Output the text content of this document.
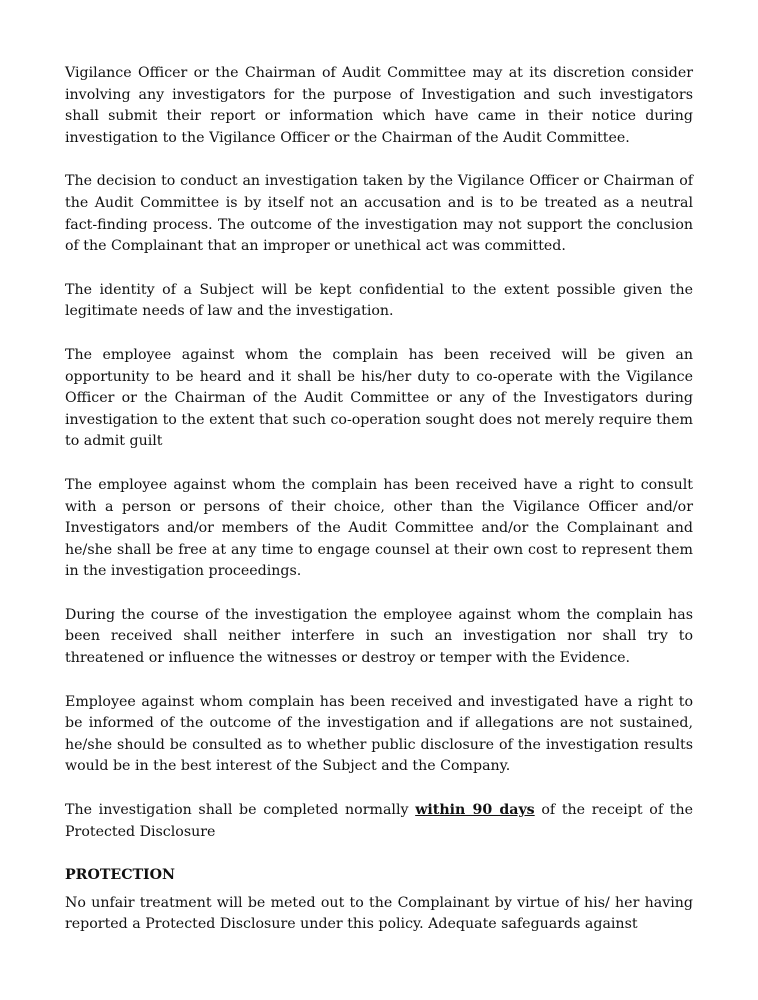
Vigilance Officer or the Chairman of Audit Committee may at its discretion consider involving any investigators for the purpose of Investigation and such investigators shall submit their report or information which have came in their notice during investigation to the Vigilance Officer or the Chairman of the Audit Committee.

The decision to conduct an investigation taken by the Vigilance Officer or Chairman of the Audit Committee is by itself not an accusation and is to be treated as a neutral fact-finding process. The outcome of the investigation may not support the conclusion of the Complainant that an improper or unethical act was committed.

The identity of a Subject will be kept confidential to the extent possible given the legitimate needs of law and the investigation.

The employee against whom the complain has been received will be given an opportunity to be heard and it shall be his/her duty to co-operate with the Vigilance Officer or the Chairman of the Audit Committee or any of the Investigators during investigation to the extent that such co-operation sought does not merely require them to admit guilt

The employee against whom the complain has been received have a right to consult with a person or persons of their choice, other than the Vigilance Officer and/or Investigators and/or members of the Audit Committee and/or the Complainant and he/she shall be free at any time to engage counsel at their own cost to represent them in the investigation proceedings.

During the course of the investigation the employee against whom the complain has been received shall neither interfere in such an investigation nor shall try to threatened or influence the witnesses or destroy or temper with the Evidence.

Employee against whom complain has been received and investigated have a right to be informed of the outcome of the investigation and if allegations are not sustained, he/she should be consulted as to whether public disclosure of the investigation results would be in the best interest of the Subject and the Company.

The investigation shall be completed normally within 90 days of the receipt of the Protected Disclosure

PROTECTION

No unfair treatment will be meted out to the Complainant by virtue of his/ her having reported a Protected Disclosure under this policy. Adequate safeguards against
